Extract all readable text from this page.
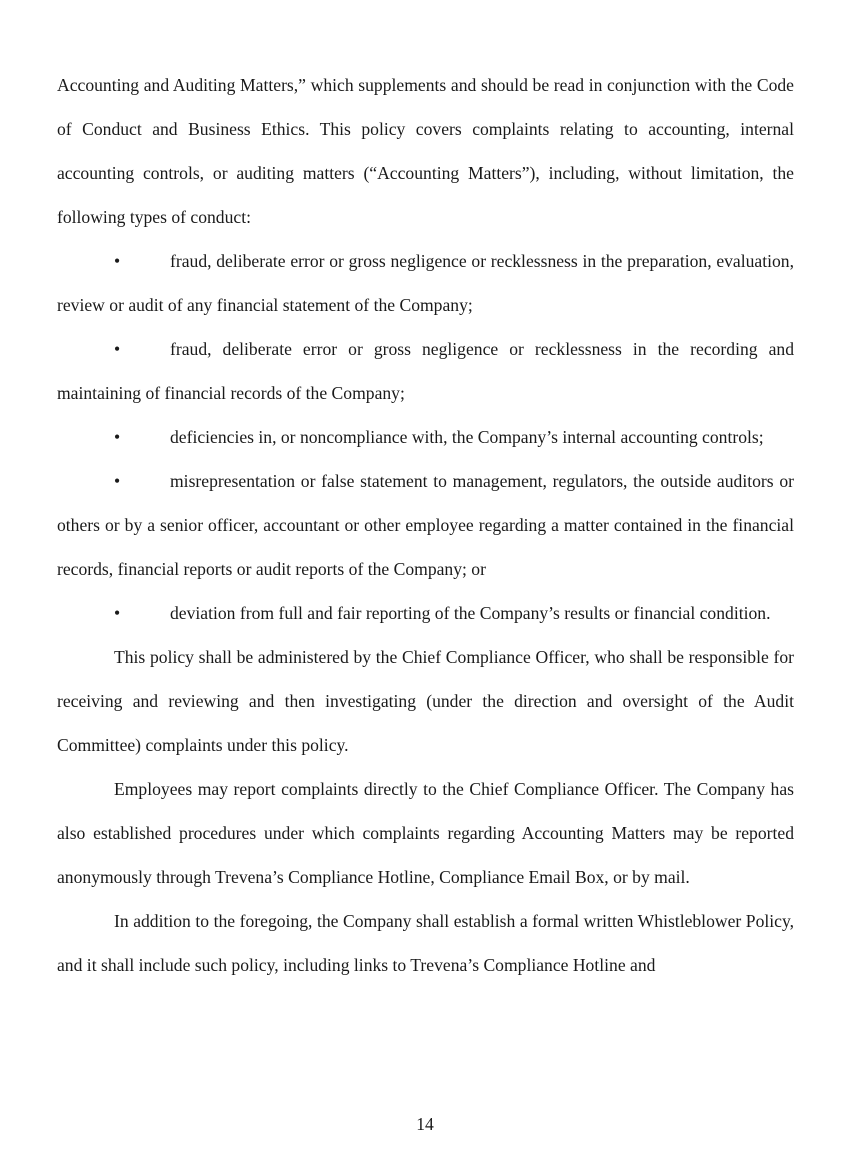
Accounting and Auditing Matters,” which supplements and should be read in conjunction with the Code of Conduct and Business Ethics. This policy covers complaints relating to accounting, internal accounting controls, or auditing matters (“Accounting Matters”), including, without limitation, the following types of conduct:

•	fraud, deliberate error or gross negligence or recklessness in the preparation, evaluation, review or audit of any financial statement of the Company;

•	fraud, deliberate error or gross negligence or recklessness in the recording and maintaining of financial records of the Company;

•	deficiencies in, or noncompliance with, the Company’s internal accounting controls;

•	misrepresentation or false statement to management, regulators, the outside auditors or others or by a senior officer, accountant or other employee regarding a matter contained in the financial records, financial reports or audit reports of the Company; or

•	deviation from full and fair reporting of the Company’s results or financial condition.

This policy shall be administered by the Chief Compliance Officer, who shall be responsible for receiving and reviewing and then investigating (under the direction and oversight of the Audit Committee) complaints under this policy.

Employees may report complaints directly to the Chief Compliance Officer. The Company has also established procedures under which complaints regarding Accounting Matters may be reported anonymously through Trevena’s Compliance Hotline, Compliance Email Box, or by mail.

In addition to the foregoing, the Company shall establish a formal written Whistleblower Policy, and it shall include such policy, including links to Trevena’s Compliance Hotline and

14
